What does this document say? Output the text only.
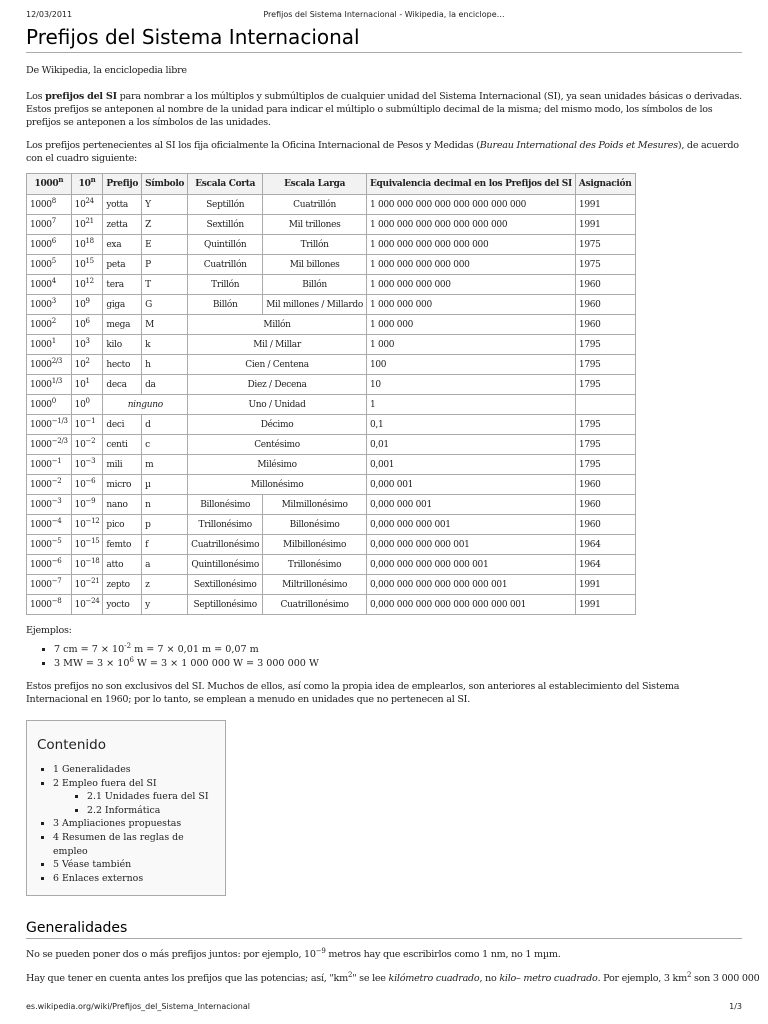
12/03/2011	Prefijos del Sistema Internacional - Wikipedia, la enciclope…
Prefijos del Sistema Internacional

De Wikipedia, la enciclopedia libre

Los prefijos del SI para nombrar a los múltiplos y submúltiplos de cualquier unidad del Sistema Internacional (SI), ya sean unidades básicas o derivadas. Estos prefijos se anteponen al nombre de la unidad para indicar el múltiplo o submúltiplo decimal de la misma; del mismo modo, los símbolos de los prefijos se anteponen a los símbolos de las unidades.

Los prefijos pertenecientes al SI los fija oficialmente la Oficina Internacional de Pesos y Medidas (Bureau International des Poids et Mesures), de acuerdo con el cuadro siguiente:

1000$^n$	10$^n$	Prefijo	Símbolo	Escala Corta	Escala Larga	Equivalencia decimal en los Prefijos del SI	Asignación
1000$^8$	$10^{24}$	yotta	Y	Septillón	Cuatrillón	1 000 000 000 000 000 000 000 000	1991
1000$^7$	$10^{21}$	zetta	Z	Sextillón	Mil trillones	1 000 000 000 000 000 000 000	1991
1000$^6$	$10^{18}$	exa	E	Quintillón	Trillón	1 000 000 000 000 000 000	1975
1000$^5$	$10^{15}$	peta	P	Cuatrillón	Mil billones	1 000 000 000 000 000	1975
1000$^4$	$10^{12}$	tera	T	Trillón	Billón	1 000 000 000 000	1960
1000$^3$	$10^9$	giga	G	Billón	Mil millones / Millardo	1 000 000 000	1960
1000$^2$	$10^6$	mega	M	Millón		1 000 000	1960
1000$^1$	$10^3$	kilo	k	Mil / Millar		1 000	1795
$1000^{2/3}$	$10^2$	hecto	h	Cien / Centena		100	1795
$1000^{1/3}$	$10^1$	deca	da	Diez / Decena		10	1795
1000$^0$	$10^0$	ninguno		Uno / Unidad		1	
$1000^{-1/3}$	$10^{-1}$	deci	d	Décimo		0,1	1795
$1000^{-2/3}$	$10^{-2}$	centi	c	Centésimo		0,01	1795
$1000^{-1}$	$10^{-3}$	mili	m	Milésimo		0,001	1795
$1000^{-2}$	$10^{-6}$	micro	µ	Millonésimo		0,000 001	1960
$1000^{-3}$	$10^{-9}$	nano	n	Billonésimo	Milmillonésimo	0,000 000 001	1960
$1000^{-4}$	$10^{-12}$	pico	p	Trillonésimo	Billonésimo	0,000 000 000 001	1960
$1000^{-5}$	$10^{-15}$	femto	f	Cuatrillonésimo	Milbillonésimo	0,000 000 000 000 001	1964
$1000^{-6}$	$10^{-18}$	atto	a	Quintillonésimo	Trillonésimo	0,000 000 000 000 000 001	1964
$1000^{-7}$	$10^{-21}$	zepto	z	Sextillonésimo	Miltrillonésimo	0,000 000 000 000 000 000 001	1991
$1000^{-8}$	$10^{-24}$	yocto	y	Septillonésimo	Cuatrillonésimo	0,000 000 000 000 000 000 000 001	1991

Ejemplos:

▪ 7 cm = $7 \times 10^{-2}$ m = 7 × 0,01 m = 0,07 m
▪ 3 MW = $3 \times 10^6$ W = 3 × 1 000 000 W = 3 000 000 W

Estos prefijos no son exclusivos del SI. Muchos de ellos, así como la propia idea de emplearlos, son anteriores al establecimiento del Sistema Internacional en 1960; por lo tanto, se emplean a menudo en unidades que no pertenecen al SI.

Contenido
▪ 1 Generalidades
▪ 2 Empleo fuera del SI
▪ 2.1 Unidades fuera del SI
▪ 2.2 Informática
▪ 3 Ampliaciones propuestas
▪ 4 Resumen de las reglas de empleo
▪ 5 Véase también
▪ 6 Enlaces externos
Generalidades

No se pueden poner dos o más prefijos juntos: por ejemplo, $10^{-9}$ metros hay que escribirlos como 1 nm, no 1 mµm.

Hay que tener en cuenta antes los prefijos que las potencias; así, "$km^2$" se lee kilómetro cuadrado, no kilo– metro cuadrado. Por ejemplo, 3 $km^2$ son 3 000 000

es.wikipedia.org/wiki/Prefijos_del_Sistema_Internacional	1/3
